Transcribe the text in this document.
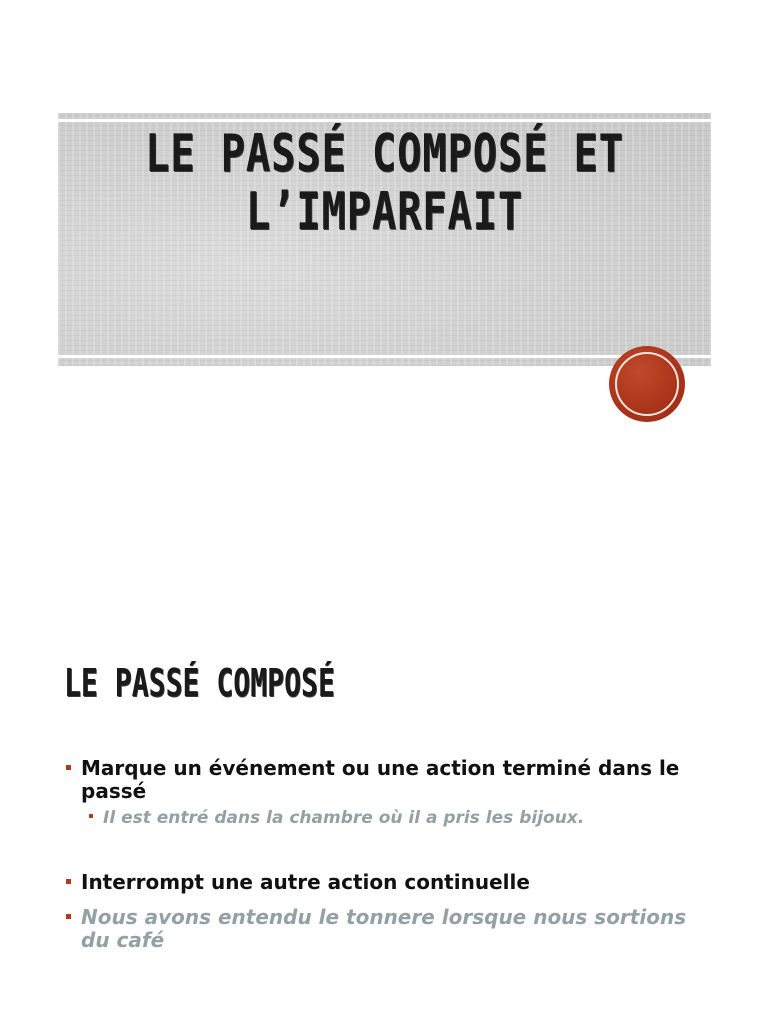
LE PASSÉ COMPOSÉ ET
L’IMPARFAIT
LE PASSÉ COMPOSÉ
Marque un événement ou une action terminé dans le passé
Il est entré dans la chambre où il a pris les bijoux.
Interrompt une autre action continuelle
Nous avons entendu le tonnere lorsque nous sortions du café
